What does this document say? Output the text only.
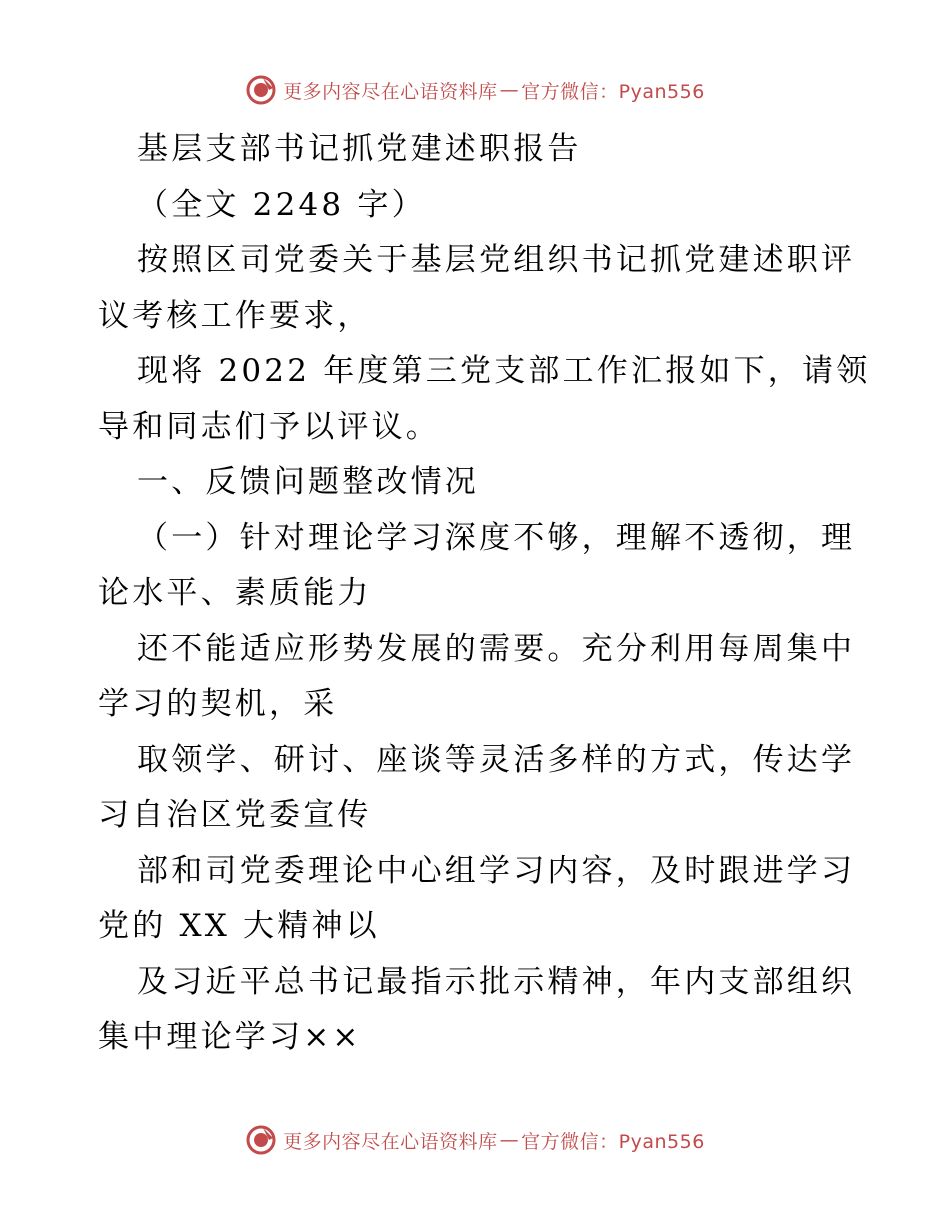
更多内容尽在心语资料库 — 官方微信：Pyan556
基层支部书记抓党建述职报告
（全文 2248 字）
按照区司党委关于基层党组织书记抓党建述职评
议考核工作要求，
现将 2022 年度第三党支部工作汇报如下，请领
导和同志们予以评议。
一、反馈问题整改情况
（一）针对理论学习深度不够，理解不透彻，理
论水平、素质能力
还不能适应形势发展的需要。充分利用每周集中
学习的契机，采
取领学、研讨、座谈等灵活多样的方式，传达学
习自治区党委宣传
部和司党委理论中心组学习内容，及时跟进学习
党的 XX 大精神以
及习近平总书记最指示批示精神，年内支部组织
集中理论学习××
更多内容尽在心语资料库 — 官方微信：Pyan556
